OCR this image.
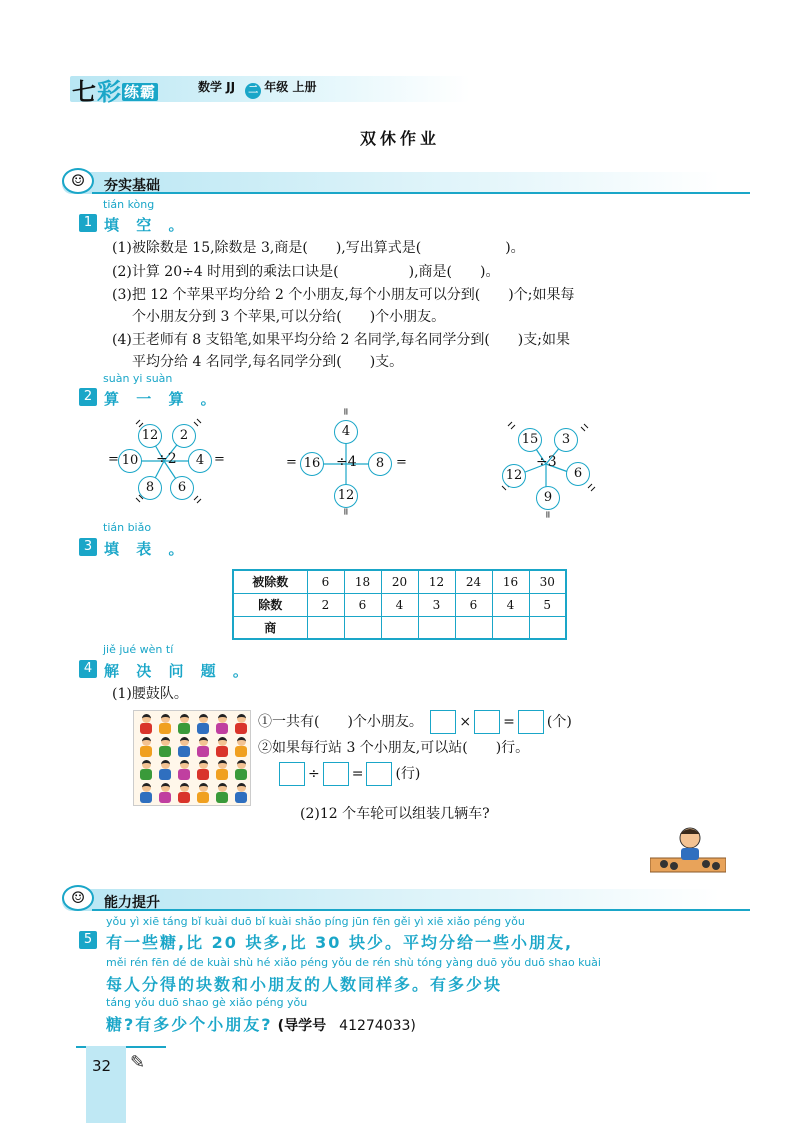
七彩 练霸	数学 JJ 二 年级 上册
双休作业
☺	夯实基础
tián kòng
1 填 空 。
(1)被除数是 15,除数是 3,商是(　　),写出算式是(　　　　　　)。
(2)计算 20÷4 时用到的乘法口诀是(　　　　　),商是(　　)。
(3)把 12 个苹果平均分给 2 个小朋友,每个小朋友可以分到(　　)个;如果每
个小朋友分到 3 个苹果,可以分给(　　)个小朋友。
(4)王老师有 8 支铅笔,如果平均分给 2 名同学,每名同学分到(　　)支;如果
平均分给 4 名同学,每名同学分到(　　)支。
suàn yi suàn
2 算 一 算 。
12	2
10 ÷2	4
8	6
=	=
=
4
= 16 ÷4	8 =
12
=
15	3
÷3
12	6
9
=
tián biǎo
3 填 表 。
被除数	6	18	20	12	24	16	30
除数	2	6	4	3	6	4	5
商							
jiě jué wèn tí
4 解 决 问 题 。
(1)腰鼓队。
①一共有(　　)个小朋友。	× = (个)
②如果每行站 3 个小朋友,可以站(　　)行。
÷ = (行)
(2)12 个车轮可以组装几辆车?
☺	能力提升
yǒu yì xiē táng bǐ kuài duō bǐ kuài shǎo píng jūn fēn gěi yì xiē xiǎo péng yǒu
5 有一些糖,比 20 块多,比 30 块少。平均分给一些小朋友,
měi rén fēn dé de kuài shù hé xiǎo péng yǒu de rén shù tóng yàng duō yǒu duō shao kuài
每人分得的块数和小朋友的人数同样多。有多少块
táng yǒu duō shao gè xiǎo péng yǒu
糖?有多少个小朋友? (导学号 41274033)
32 ✎
